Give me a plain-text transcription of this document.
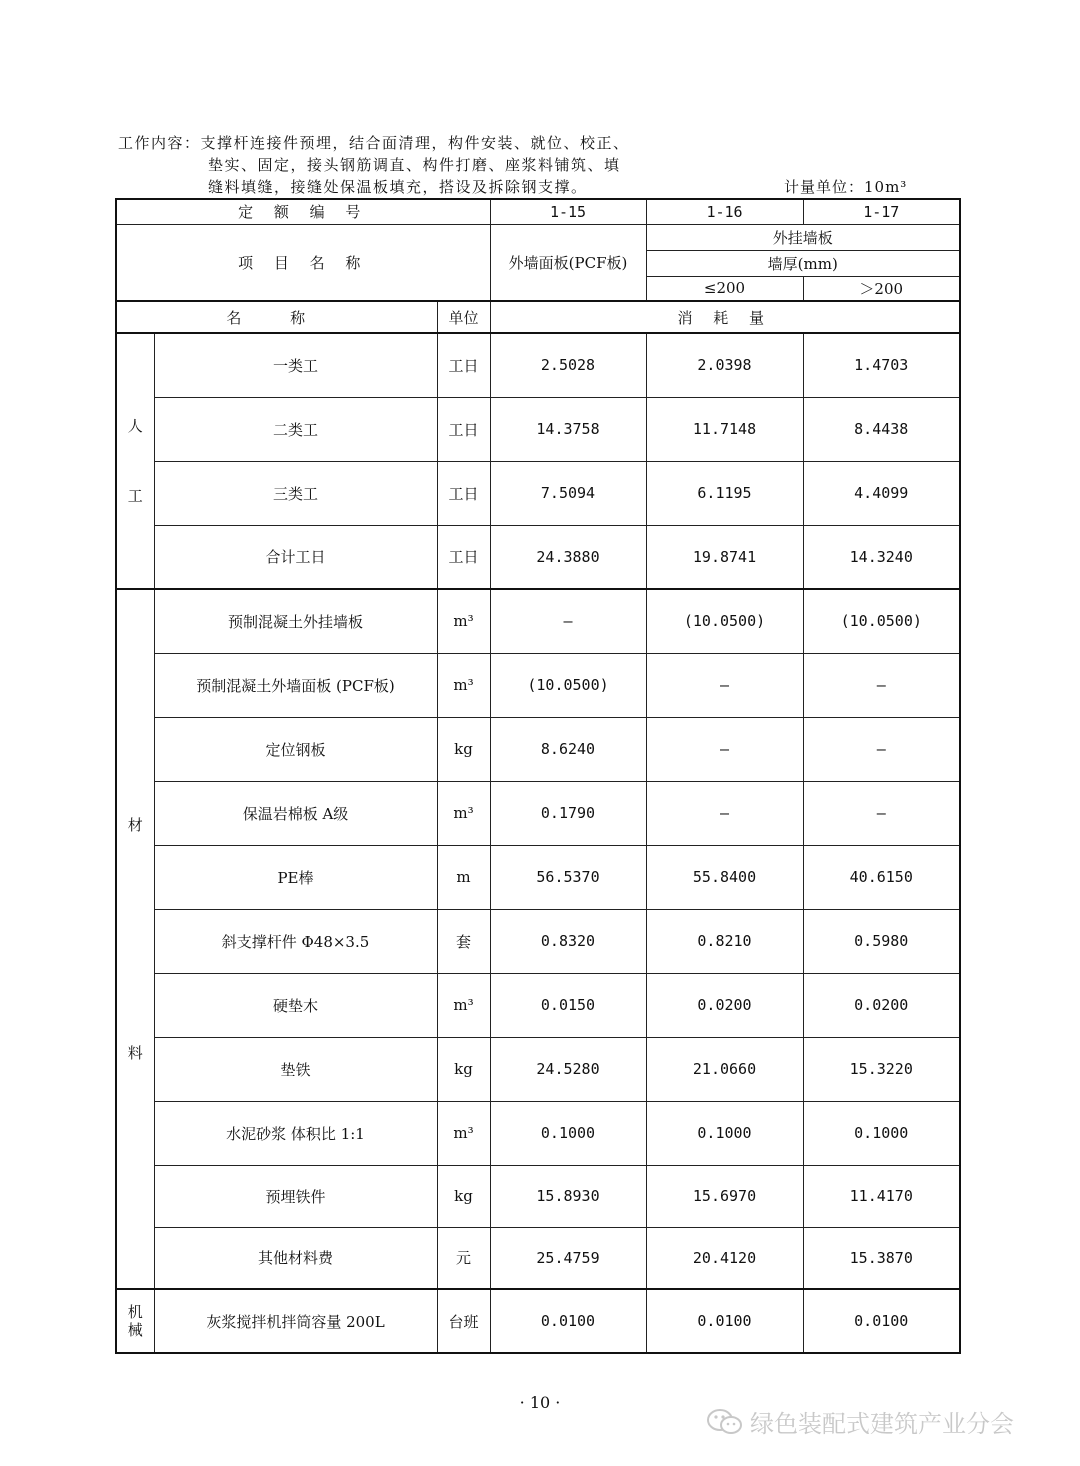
工作内容：支撑杆连接件预埋，结合面清理，构件安装、就位、校正、
垫实、固定，接头钢筋调直、构件打磨、座浆料铺筑、填
缝料填缝，接缝处保温板填充，搭设及拆除钢支撑。	计量单位：10m³
定 额 编 号			1-15	1-16	1-17
项 目 名 称			外墙面板(PCF板)	外挂墙板	
				墙厚(mm)	
				≤200	＞200
名 称		单位	消 耗 量		

人
工	一类工	工日	2.5028	2.0398	1.4703
	二类工	工日	14.3758	11.7148	8.4438
	三类工	工日	7.5094	6.1195	4.4099
	合计工日	工日	24.3880	19.8741	14.3240

材
料	预制混凝土外挂墙板	m³	—	(10.0500)	(10.0500)
	预制混凝土外墙面板 (PCF板)	m³	(10.0500)	—	—
	定位钢板	kg	8.6240	—	—
	保温岩棉板 A级	m³	0.1790	—	—
	PE棒	m	56.5370	55.8400	40.6150
	斜支撑杆件 Φ48×3.5	套	0.8320	0.8210	0.5980
	硬垫木	m³	0.0150	0.0200	0.0200
	垫铁	kg	24.5280	21.0660	15.3220
	水泥砂浆 体积比 1:1	m³	0.1000	0.1000	0.1000
	预埋铁件	kg	15.8930	15.6970	11.4170
	其他材料费	元	25.4759	20.4120	15.3870

机械	灰浆搅拌机拌筒容量 200L	台班	0.0100	0.0100	0.0100
· 10 ·
绿色装配式建筑产业分会
